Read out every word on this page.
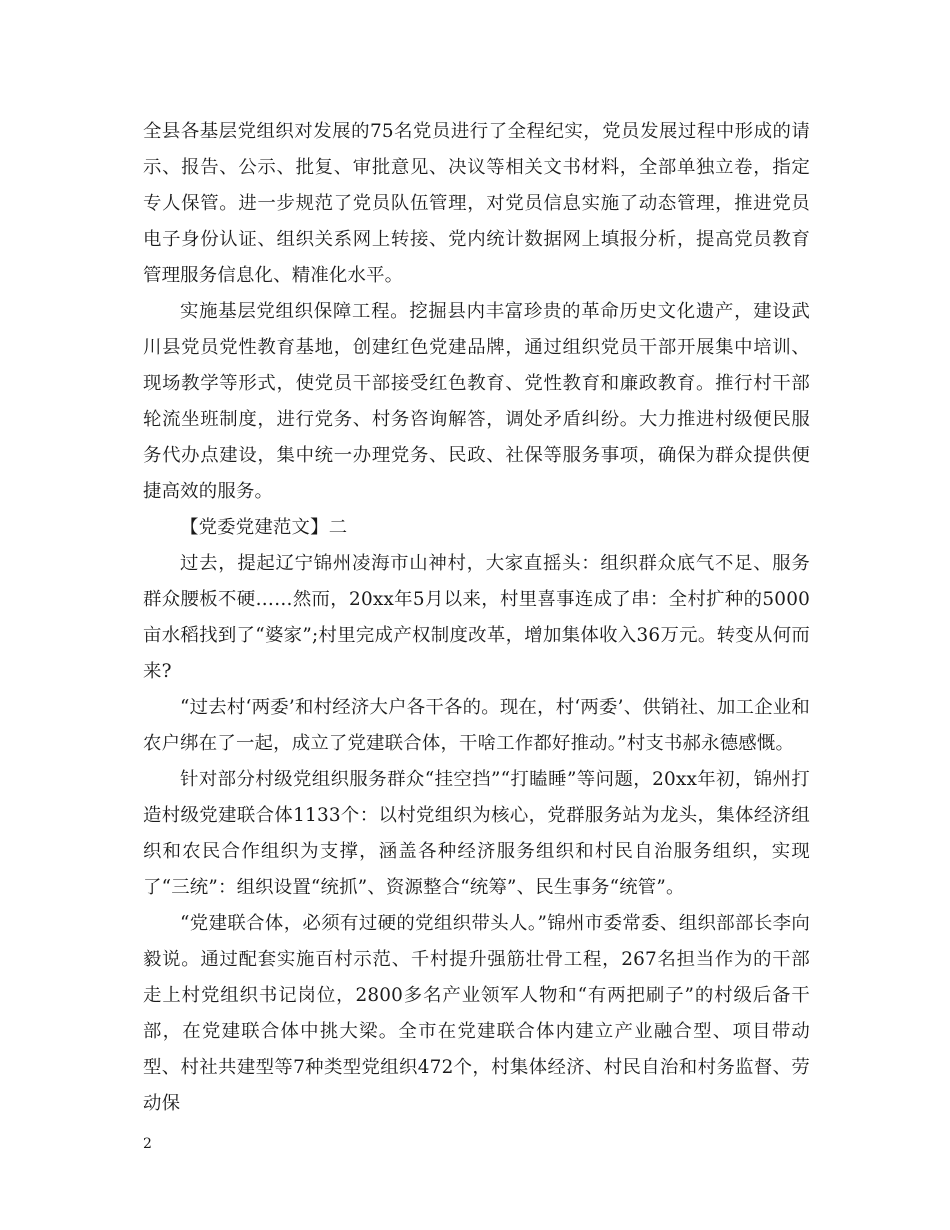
全县各基层党组织对发展的75名党员进行了全程纪实，党员发展过程中形成的请示、报告、公示、批复、审批意见、决议等相关文书材料，全部单独立卷，指定专人保管。进一步规范了党员队伍管理，对党员信息实施了动态管理，推进党员电子身份认证、组织关系网上转接、党内统计数据网上填报分析，提高党员教育管理服务信息化、精准化水平。

实施基层党组织保障工程。挖掘县内丰富珍贵的革命历史文化遗产，建设武川县党员党性教育基地，创建红色党建品牌，通过组织党员干部开展集中培训、现场教学等形式，使党员干部接受红色教育、党性教育和廉政教育。推行村干部轮流坐班制度，进行党务、村务咨询解答，调处矛盾纠纷。大力推进村级便民服务代办点建设，集中统一办理党务、民政、社保等服务事项，确保为群众提供便捷高效的服务。

【党委党建范文】二

过去，提起辽宁锦州凌海市山神村，大家直摇头：组织群众底气不足、服务群众腰板不硬……然而，20xx年5月以来，村里喜事连成了串：全村扩种的5000亩水稻找到了“婆家”;村里完成产权制度改革，增加集体收入36万元。转变从何而来?

“过去村‘两委’和村经济大户各干各的。现在，村‘两委’、供销社、加工企业和农户绑在了一起，成立了党建联合体，干啥工作都好推动。”村支书郝永德感慨。

针对部分村级党组织服务群众“挂空挡”“打瞌睡”等问题，20xx年初，锦州打造村级党建联合体1133个：以村党组织为核心，党群服务站为龙头，集体经济组织和农民合作组织为支撑，涵盖各种经济服务组织和村民自治服务组织，实现了“三统”：组织设置“统抓”、资源整合“统筹”、民生事务“统管”。

“党建联合体，必须有过硬的党组织带头人。”锦州市委常委、组织部部长李向毅说。通过配套实施百村示范、千村提升强筋壮骨工程，267名担当作为的干部走上村党组织书记岗位，2800多名产业领军人物和“有两把刷子”的村级后备干部，在党建联合体中挑大梁。全市在党建联合体内建立产业融合型、项目带动型、村社共建型等7种类型党组织472个，村集体经济、村民自治和村务监督、劳动保

2
